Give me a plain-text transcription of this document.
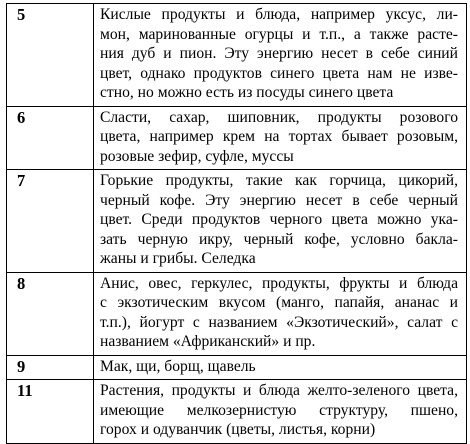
5	Кислые продукты и блюда, например уксус, ли-
мон, маринованные огурцы и т.п., а также расте-
ния дуб и пион. Эту энергию несет в себе синий
цвет, однако продуктов синего цвета нам не изве-
стно, но можно есть из посуды синего цвета

6	Сласти, сахар, шиповник, продукты розового
цвета, например крем на тортах бывает розовым,
розовые зефир, суфле, муссы

7	Горькие продукты, такие как горчица, цикорий,
черный кофе. Эту энергию несет в себе черный
цвет. Среди продуктов черного цвета можно ука-
зать черную икру, черный кофе, условно бакла-
жаны и грибы. Селедка

8	Анис, овес, геркулес, продукты, фрукты и блюда
с экзотическим вкусом (манго, папайя, ананас и
т.п.), йогурт с названием «Экзотический», салат с
названием «Африканский» и пр.

9	Мак, щи, борщ, щавель

11	Растения, продукты и блюда желто-зеленого цвета,
имеющие мелкозернистую структуру, пшено,
горох и одуванчик (цветы, листья, корни)
